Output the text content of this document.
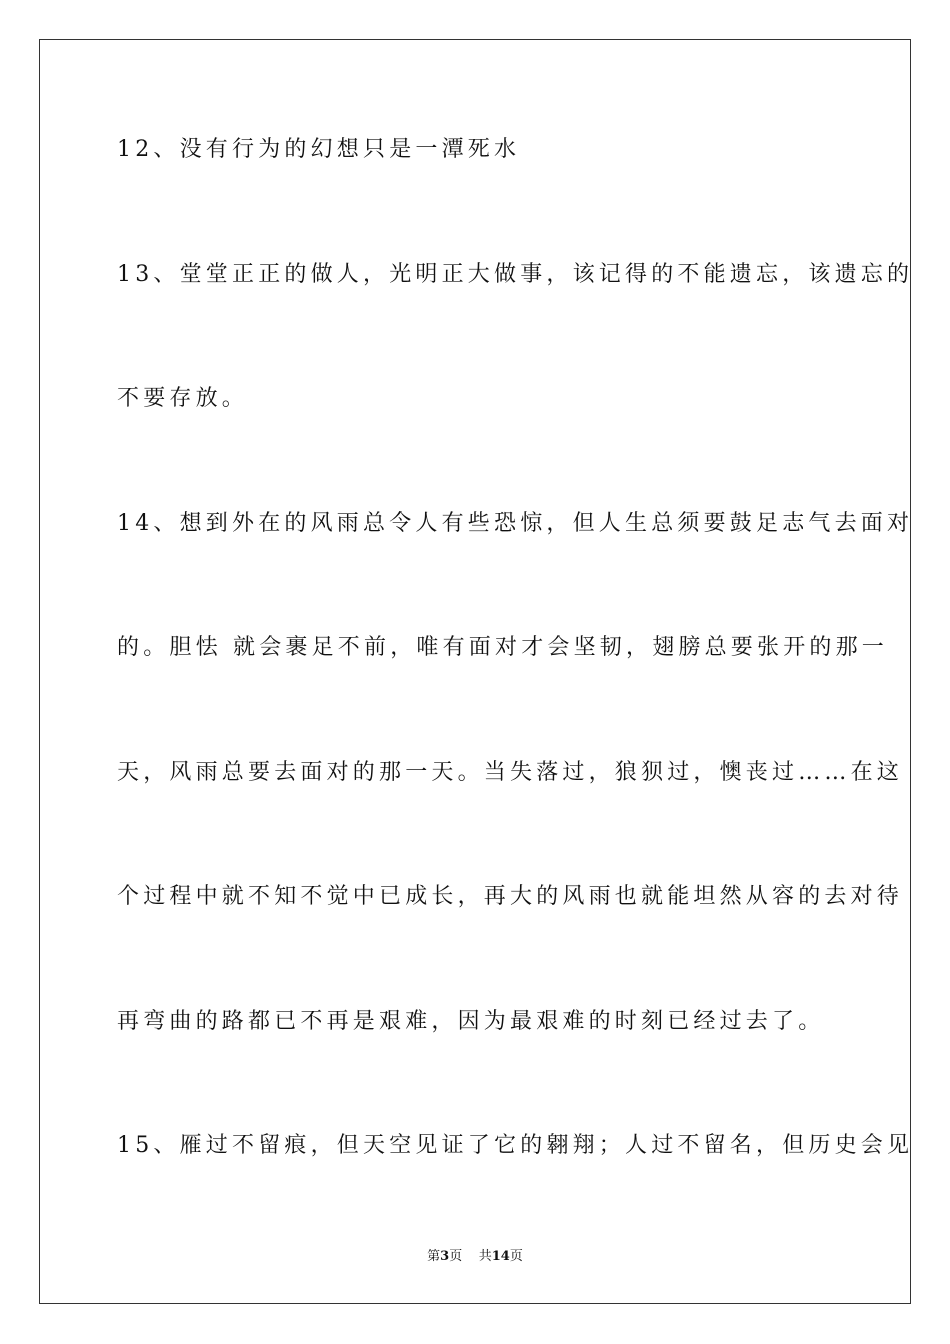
12、没有行为的幻想只是一潭死水
13、堂堂正正的做人，光明正大做事，该记得的不能遗忘，该遗忘的
不要存放。
14、想到外在的风雨总令人有些恐惊，但人生总须要鼓足志气去面对
的。胆怯 就会裹足不前，唯有面对才会坚韧，翅膀总要张开的那一
天，风雨总要去面对的那一天。当失落过，狼狈过，懊丧过……在这
个过程中就不知不觉中已成长，再大的风雨也就能坦然从容的去对待
再弯曲的路都已不再是艰难，因为最艰难的时刻已经过去了。
15、雁过不留痕，但天空见证了它的翱翔；人过不留名，但历史会见
第3页    共14页
